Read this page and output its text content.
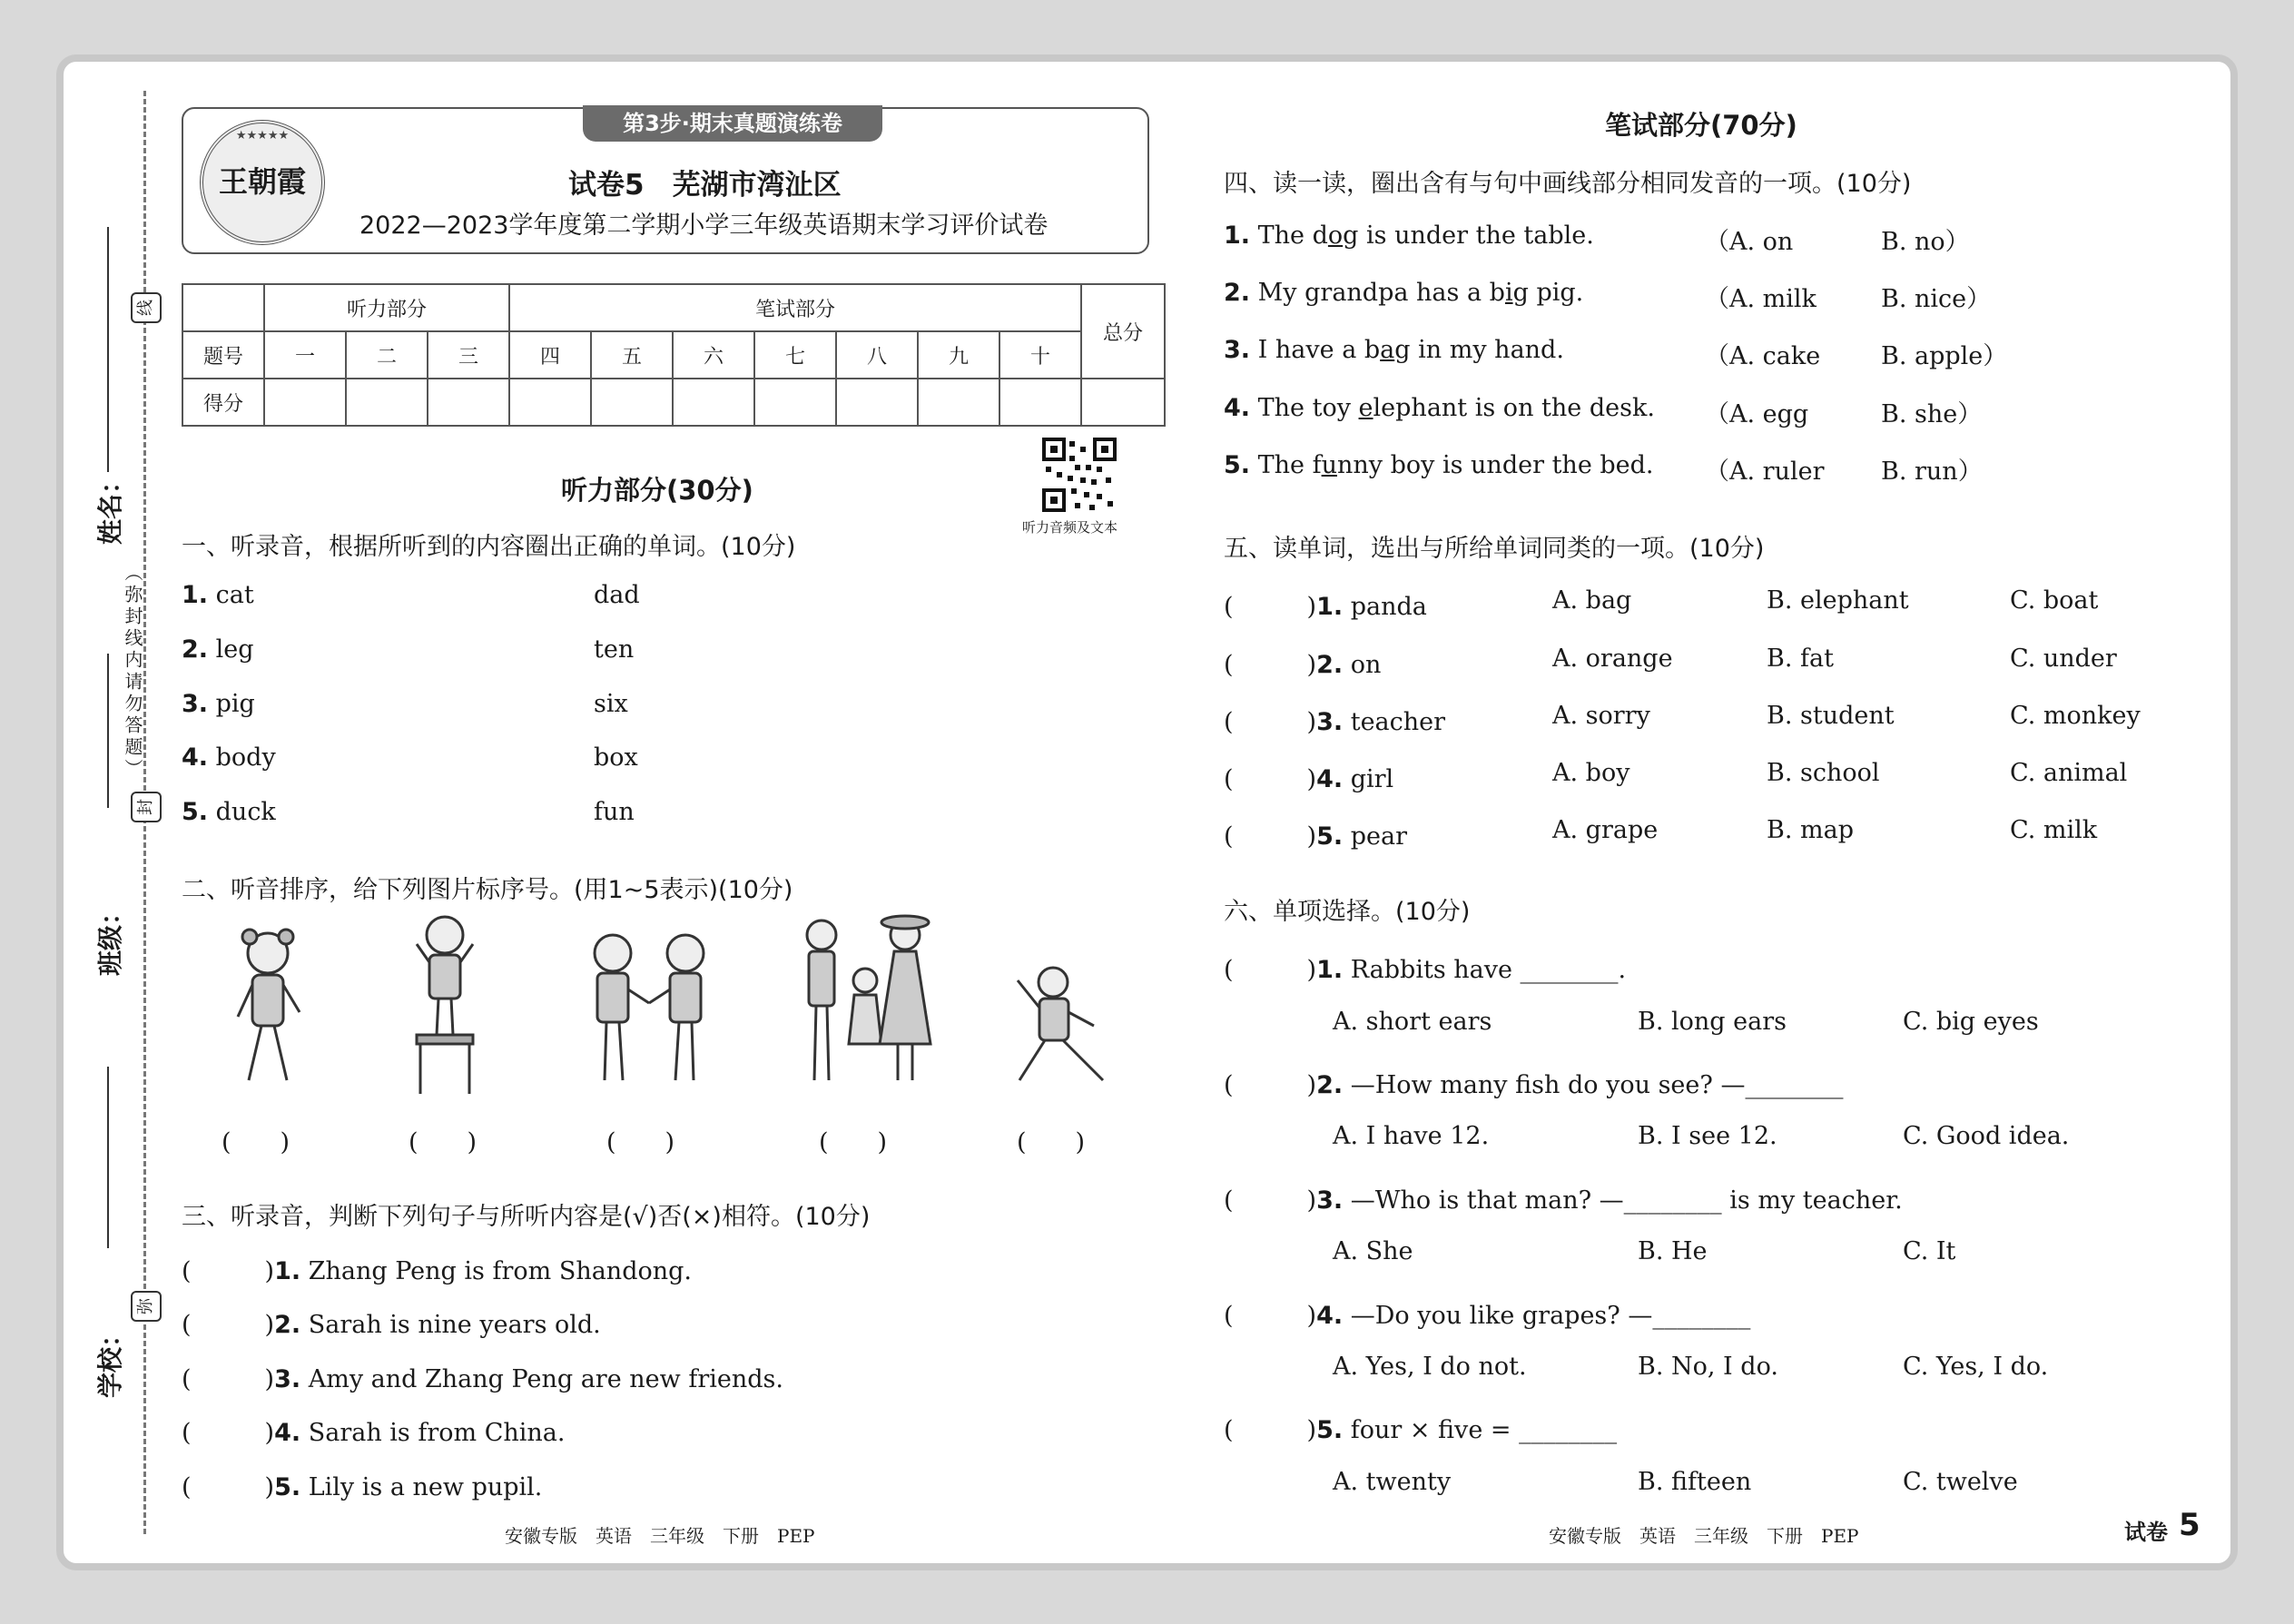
姓名：
班级：
学校：
线
封
弥
（弥封线内请勿答题）
第3步·期末真题演练卷
★★★★★
王朝霞	试卷5　芜湖市湾沚区
2022—2023学年度第二学期小学三年级英语期末学习评价试卷
	听力部分			笔试部分							总分
题号	一	二	三	四	五	六	七	八	九	十	
得分											
听力音频及文本
听力部分(30分)
一、听录音，根据所听到的内容圈出正确的单词。(10分)
1. cat	dad
2. leg	ten
3. pig	six
4. body	box
5. duck	fun
二、听音排序，给下列图片标序号。(用1~5表示)(10分)
(　　)	(　　)	(　　)	(　　)	(　　)
三、听录音，判断下列句子与所听内容是(√)否(×)相符。(10分)
(　　　)1. Zhang Peng is from Shandong.
(　　　)2. Sarah is nine years old.
(　　　)3. Amy and Zhang Peng are new friends.
(　　　)4. Sarah is from China.
(　　　)5. Lily is a new pupil.
笔试部分(70分)
四、读一读，圈出含有与句中画线部分相同发音的一项。(10分)
1. The dog is under the table.	（A. on	B. no）
2. My grandpa has a big pig.	（A. milk	B. nice）
3. I have a bag in my hand.	（A. cake B. apple）
4. The toy elephant is on the desk. （A. egg	B. she）
5. The funny boy is under the bed. （A. ruler B. run）
五、读单词，选出与所给单词同类的一项。(10分)
(　　　)1. panda	A. bag	B. elephant	C. boat
(　　　)2. on	A. orange	B. fat	C. under
(　　　)3. teacher	A. sorry	B. student	C. monkey
(　　　)4. girl	A. boy	B. school	C. animal
(　　　)5. pear	A. grape	B. map	C. milk
六、单项选择。(10分)
(　　　)1. Rabbits have ________.
A. short ears	B. long ears	C. big eyes
(　　　)2. —How many fish do you see? —________
A. I have 12.	B. I see 12.	C. Good idea.
(　　　)3. —Who is that man? —________ is my teacher.
A. She	B. He	C. It
(　　　)4. —Do you like grapes? —________
A. Yes, I do not.	B. No, I do.	C. Yes, I do.
(　　　)5. four × five = ________
A. twenty	B. fifteen	C. twelve
安徽专版　英语　三年级　下册　PEP	安徽专版　英语　三年级　下册　PEP	试卷 5
